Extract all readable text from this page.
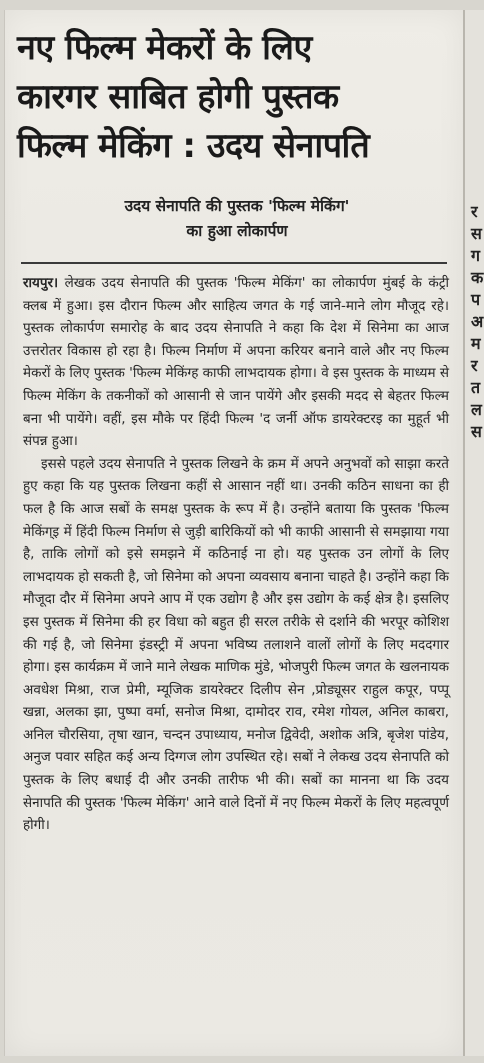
नए फिल्म मेकरों के लिए
कारगर साबित होगी पुस्तक
फिल्म मेकिंग : उदय सेनापति
उदय सेनापति की पुस्तक 'फिल्म मेकिंग'
का हुआ लोकार्पण

रायपुर। लेखक उदय सेनापति की पुस्तक 'फिल्म मेकिंग' का लोकार्पण मुंबई के कंट्री क्लब में हुआ। इस दौरान फिल्म और साहित्य जगत के गई जाने-माने लोग मौजूद रहे। पुस्तक लोकार्पण समारोह के बाद उदय सेनापति ने कहा कि देश में सिनेमा का आज उत्तरोतर विकास हो रहा है। फिल्म निर्माण में अपना करियर बनाने वाले और नए फिल्म मेकरों के लिए पुस्तक 'फिल्म मेकिंग्ह काफी लाभदायक होगा। वे इस पुस्तक के माध्यम से फिल्म मेकिंग के तकनीकों को आसानी से जान पायेंगे और इसकी मदद से बेहतर फिल्म बना भी पायेंगे। वहीं, इस मौके पर हिंदी फिल्म 'द जर्नी ऑफ डायरेक्टरइ का मुहूर्त भी संपन्न हुआ।

इससे पहले उदय सेनापति ने पुस्तक लिखने के क्रम में अपने अनुभवों को साझा करते हुए कहा कि यह पुस्तक लिखना कहीं से आसान नहीं था। उनकी कठिन साधना का ही फल है कि आज सबों के समक्ष पुस्तक के रूप में है। उन्होंने बताया कि पुस्तक 'फिल्म मेकिंग्इ में हिंदी फिल्म निर्माण से जुड़ी बारिकियों को भी काफी आसानी से समझाया गया है, ताकि लोगों को इसे समझने में कठिनाई ना हो। यह पुस्तक उन लोगों के लिए लाभदायक हो सकती है, जो सिनेमा को अपना व्यवसाय बनाना चाहते है। उन्होंने कहा कि मौजूदा दौर में सिनेमा अपने आप में एक उद्योग है और इस उद्योग के कई क्षेत्र है। इसलिए इस पुस्तक में सिनेमा की हर विधा को बहुत ही सरल तरीके से दर्शाने की भरपूर कोशिश की गई है, जो सिनेमा इंडस्ट्री में अपना भविष्य तलाशने वालों लोगों के लिए मददगार होगा। इस कार्यक्रम में जाने माने लेखक माणिक मुंडे, भोजपुरी फिल्म जगत के खलनायक अवधेश मिश्रा, राज प्रेमी, म्यूजिक डायरेक्टर दिलीप सेन ,प्रोड्यूसर राहुल कपूर, पप्पू खन्ना, अलका झा, पुष्पा वर्मा, सनोज मिश्रा, दामोदर राव, रमेश गोयल, अनिल काबरा, अनिल चौरसिया, तृषा खान, चन्दन उपाध्याय, मनोज द्विवेदी, अशोक अत्रि, बृजेश पांडेय, अनुज पवार सहित कई अन्य दिग्गज लोग उपस्थित रहे। सबों ने लेकख उदय सेनापति को पुस्तक के लिए बधाई दी और उनकी तारीफ भी की। सबों का मानना था कि उदय सेनापति की पुस्तक 'फिल्म मेकिंग' आने वाले दिनों में नए फिल्म मेकरों के लिए महत्वपूर्ण होगी।

र
स
ग
क
प
अ
म
र
त
ल
स
